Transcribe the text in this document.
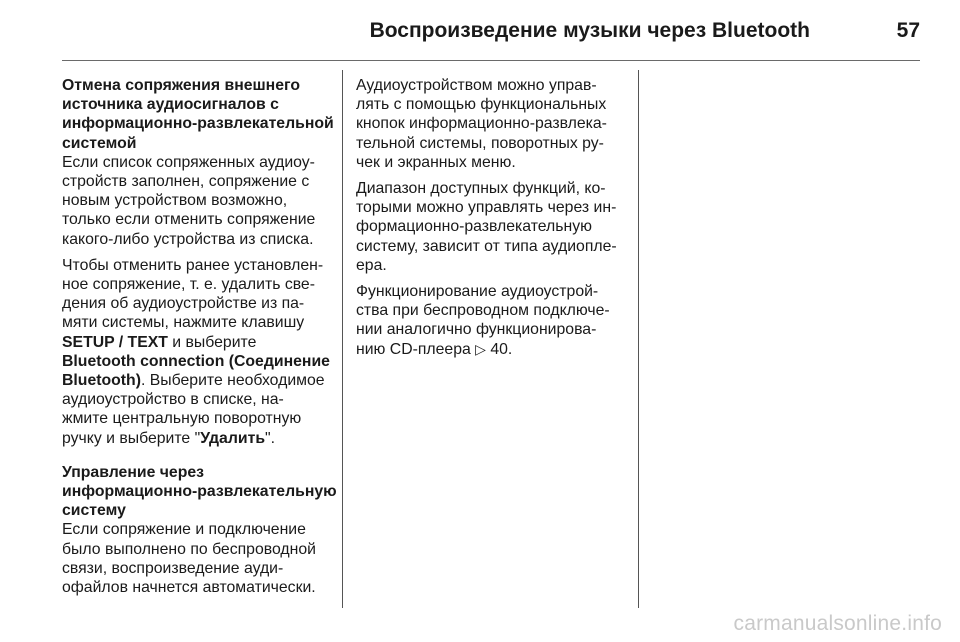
Воспроизведение музыки через Bluetooth	57
Отмена сопряжения внешнего
источника аудиосигналов с
информационно-развлекательной
системой
Если список сопряженных аудиоу-
стройств заполнен, сопряжение с
новым устройством возможно,
только если отменить сопряжение
какого-либо устройства из списка.
Чтобы отменить ранее установлен-
ное сопряжение, т. е. удалить све-
дения об аудиоустройстве из па-
мяти системы, нажмите клавишу
SETUP / TEXT и выберите
Bluetooth connection (Соединение
Bluetooth). Выберите необходимое
аудиоустройство в списке, на-
жмите центральную поворотную
ручку и выберите "Удалить".
Управление через
информационно-развлекательную
систему
Если сопряжение и подключение
было выполнено по беспроводной
связи, воспроизведение ауди-
офайлов начнется автоматически.
Аудиоустройством можно управ-
лять с помощью функциональных
кнопок информационно-развлека-
тельной системы, поворотных ру-
чек и экранных меню.
Диапазон доступных функций, ко-
торыми можно управлять через ин-
формационно-развлекательную
систему, зависит от типа аудиопле-
ера.
Функционирование аудиоустрой-
ства при беспроводном подключе-
нии аналогично функционирова-
нию CD-плеера ▷ 40.
carmanualsonline.info
